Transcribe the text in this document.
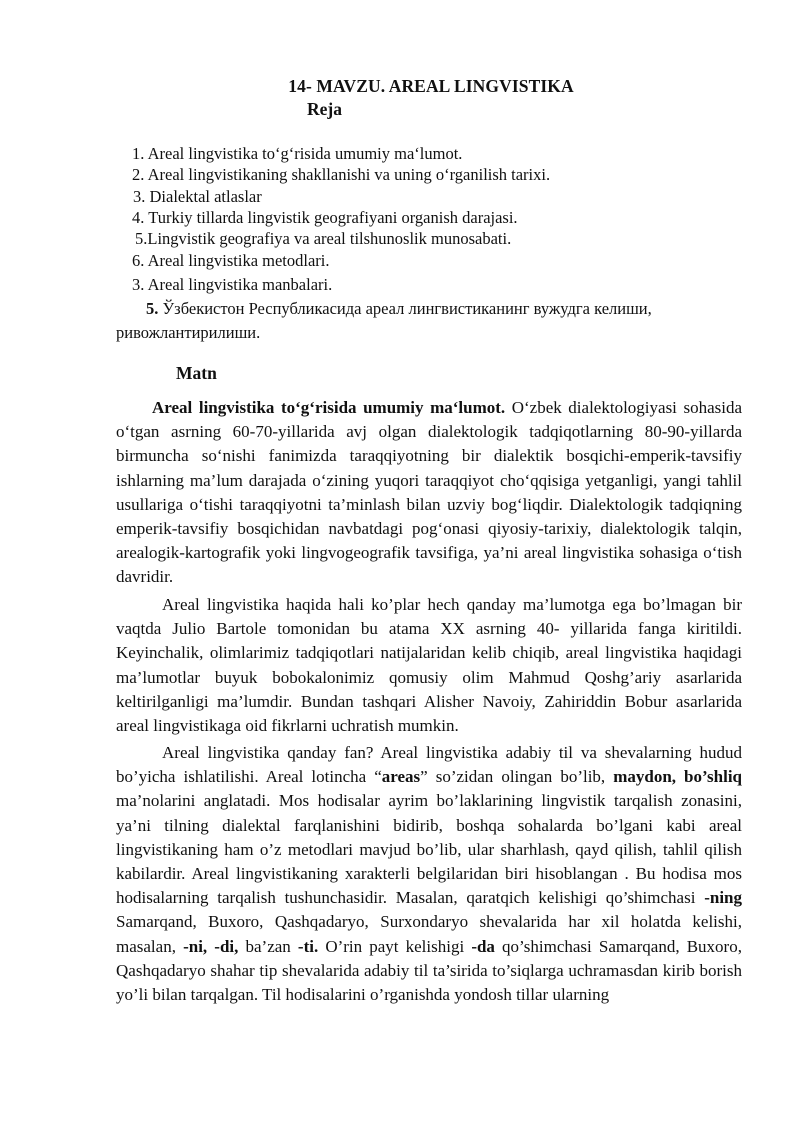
14- MAVZU. AREAL LINGVISTIKA
Reja
1. Areal lingvistika to‘g‘risida umumiy ma‘lumot.
2. Areal lingvistikaning shakllanishi va uning o‘rganilish tarixi.
3. Dialektal atlaslar
4. Turkiy tillarda lingvistik geografiyani organish darajasi.
5.Lingvistik geografiya va areal tilshunoslik munosabati.
6. Areal lingvistika metodlari.
3. Areal lingvistika manbalari.
5. Ўзбекистон Республикасида ареал лингвистиканинг вужудга келиши,
ривожлантирилиши.
Matn

Areal lingvistika to‘g‘risida umumiy ma‘lumot. O‘zbek dialektologiyasi sohasida o‘tgan asrning 60-70-yillarida avj olgan dialektologik tadqiqotlarning 80-90-yillarda birmuncha so‘nishi fanimizda taraqqiyotning bir dialektik bosqichi-emperik-tavsifiy ishlarning ma’lum darajada o‘zining yuqori taraqqiyot cho‘qqisiga yetganligi, yangi tahlil usullariga o‘tishi taraqqiyotni ta’minlash bilan uzviy bog‘liqdir. Dialektologik tadqiqning emperik-tavsifiy bosqichidan navbatdagi pog‘onasi qiyosiy-tarixiy, dialektologik talqin, arealogik-kartografik yoki lingvogeografik tavsifiga, ya’ni areal lingvistika sohasiga o‘tish davridir.

Areal lingvistika haqida hali ko’plar hech qanday ma’lumotga ega bo’lmagan bir vaqtda Julio Bartole tomonidan bu atama XX asrning 40- yillarida fanga kiritildi. Keyinchalik, olimlarimiz tadqiqotlari natijalaridan kelib chiqib, areal lingvistika haqidagi ma’lumotlar buyuk bobokalonimiz qomusiy olim Mahmud Qoshg’ariy asarlarida keltirilganligi ma’lumdir. Bundan tashqari Alisher Navoiy, Zahiriddin Bobur asarlarida areal lingvistikaga oid fikrlarni uchratish mumkin.

Areal lingvistika qanday fan? Areal lingvistika adabiy til va shevalarning hudud bo’yicha ishlatilishi. Areal lotincha “areas” so’zidan olingan bo’lib, maydon, bo’shliq ma’nolarini anglatadi. Mos hodisalar ayrim bo’laklarining lingvistik tarqalish zonasini, ya’ni tilning dialektal farqlanishini bidirib, boshqa sohalarda bo’lgani kabi areal lingvistikaning ham o’z metodlari mavjud bo’lib, ular sharhlash, qayd qilish, tahlil qilish kabilardir. Areal lingvistikaning xarakterli belgilaridan biri hisoblangan . Bu hodisa mos hodisalarning tarqalish tushunchasidir. Masalan, qaratqich kelishigi qo’shimchasi -ning Samarqand, Buxoro, Qashqadaryo, Surxondaryo shevalarida har xil holatda kelishi, masalan, -ni, -di, ba’zan -ti. O’rin payt kelishigi -da qo’shimchasi Samarqand, Buxoro, Qashqadaryo shahar tip shevalarida adabiy til ta’sirida to’siqlarga uchramasdan kirib borish yo’li bilan tarqalgan. Til hodisalarini o’rganishda yondosh tillar ularning
